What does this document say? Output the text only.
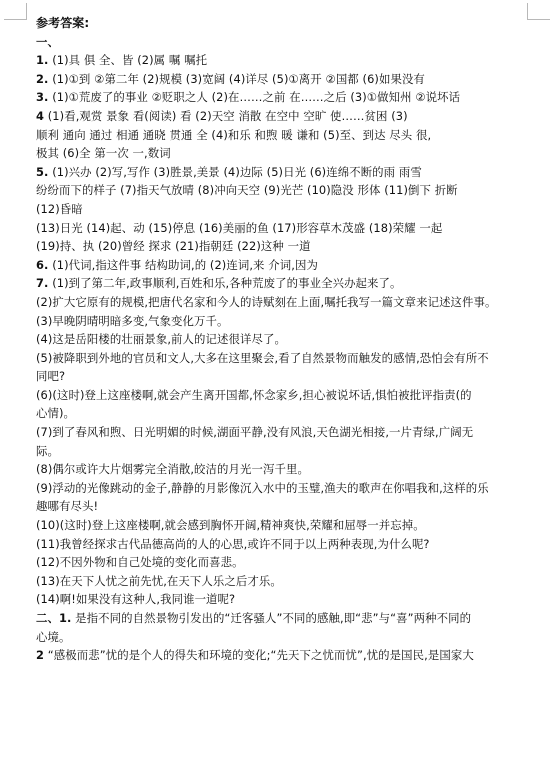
参考答案:
一、
1. (1)具 俱 全、皆 (2)属 嘱 嘱托
2. (1)①到 ②第二年 (2)规模 (3)宽阔 (4)详尽 (5)①离开 ②国都 (6)如果没有
3. (1)①荒废了的事业 ②贬职之人 (2)在……之前 在……之后 (3)①做知州 ②说坏话
4 (1)看,观赏 景象 看(阅读) 看 (2)天空 消散 在空中 空旷 使……贫困 (3)
顺利 通向 通过 相通 通晓 贯通 全 (4)和乐 和煦 暖 谦和 (5)至、到达 尽头 很,
极其 (6)全 第一次 一,数词
5. (1)兴办 (2)写,写作 (3)胜景,美景 (4)边际 (5)日光 (6)连绵不断的雨 雨雪
纷纷而下的样子 (7)指天气放晴 (8)冲向天空 (9)光芒 (10)隐没 形体 (11)倒下 折断
(12)昏暗
(13)日光 (14)起、动 (15)停息 (16)美丽的鱼 (17)形容草木茂盛 (18)荣耀 一起
(19)持、执 (20)曾经 探求 (21)指朝廷 (22)这种 一道
6. (1)代词,指这件事 结构助词,的 (2)连词,来 介词,因为
7. (1)到了第二年,政事顺利,百姓和乐,各种荒废了的事业全兴办起来了。
(2)扩大它原有的规模,把唐代名家和今人的诗赋刻在上面,嘱托我写一篇文章来记述这件事。
(3)早晚阴晴明暗多变,气象变化万千。
(4)这是岳阳楼的壮丽景象,前人的记述很详尽了。
(5)被降职到外地的官员和文人,大多在这里聚会,看了自然景物而触发的感情,恐怕会有所不
同吧?
(6)(这时)登上这座楼啊,就会产生离开国都,怀念家乡,担心被说坏话,惧怕被批评指责(的
心情)。
(7)到了春风和煦、日光明媚的时候,湖面平静,没有风浪,天色湖光相接,一片青绿,广阔无
际。
(8)偶尔或许大片烟雾完全消散,皎洁的月光一泻千里。
(9)浮动的光像跳动的金子,静静的月影像沉入水中的玉璧,渔夫的歌声在你唱我和,这样的乐
趣哪有尽头!
(10)(这时)登上这座楼啊,就会感到胸怀开阔,精神爽快,荣耀和屈辱一并忘掉。
(11)我曾经探求古代品德高尚的人的心思,或许不同于以上两种表现,为什么呢?
(12)不因外物和自己处境的变化而喜悲。
(13)在天下人忧之前先忧,在天下人乐之后才乐。
(14)啊!如果没有这种人,我同谁一道呢?
二、1. 是指不同的自然景物引发出的“迁客骚人”不同的感触,即“悲”与“喜”两种不同的
心境。
2 “感极而悲”忧的是个人的得失和环境的变化;“先天下之忧而忧”,忧的是国民,是国家大
